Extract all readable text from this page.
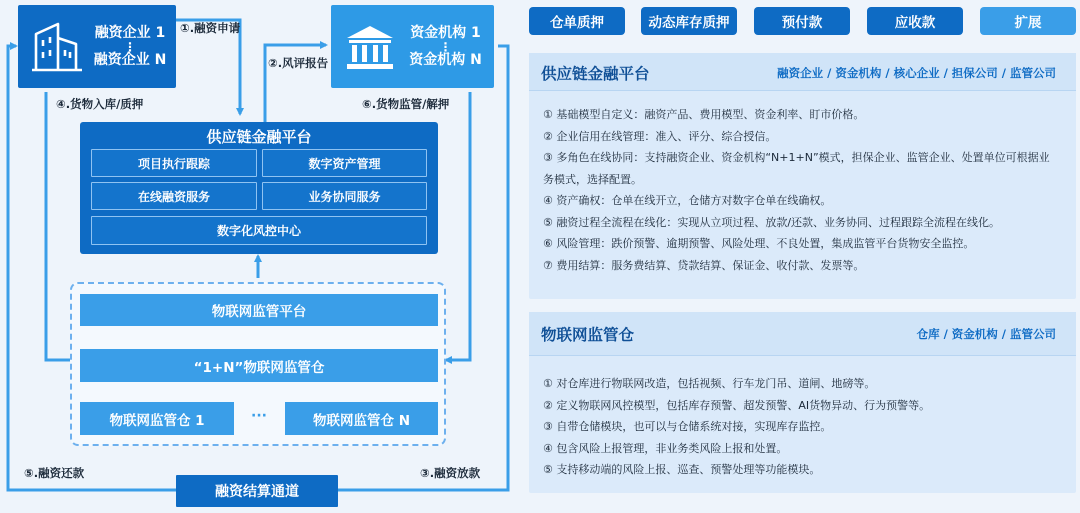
融资企业 1
⋮
融资企业 N
资金机构 1
⋮
资金机构 N
①.融资申请
②.风评报告
④.货物入库/质押	⑥.货物监管/解押
⑤.融资还款	③.融资放款
供应链金融平台
项目执行跟踪	数字资产管理
在线融资服务	业务协同服务
数字化风控中心
物联网监管平台
“1+N”物联网监管仓
物联网监管仓 1	···	物联网监管仓 N
融资结算通道
仓单质押	动态库存质押	预付款	应收款	扩展
供应链金融平台	融资企业 / 资金机构 / 核心企业 / 担保公司 / 监管公司
① 基础模型自定义：融资产品、费用模型、资金利率、盯市价格。
② 企业信用在线管理：准入、评分、综合授信。
③ 多角色在线协同：支持融资企业、资金机构“N+1+N”模式，担保企业、监管企业、处置单位可根据业务模式，选择配置。
④ 资产确权：仓单在线开立，仓储方对数字仓单在线确权。
⑤ 融资过程全流程在线化：实现从立项过程、放款/还款、业务协同、过程跟踪全流程在线化。
⑥ 风险管理：跌价预警、逾期预警、风险处理、不良处置，集成监管平台货物安全监控。
⑦ 费用结算：服务费结算、贷款结算、保证金、收付款、发票等。
物联网监管仓	仓库 / 资金机构 / 监管公司
① 对仓库进行物联网改造，包括视频、行车龙门吊、道闸、地磅等。
② 定义物联网风控模型，包括库存预警、超发预警、AI货物异动、行为预警等。
③ 自带仓储模块，也可以与仓储系统对接，实现库存监控。
④ 包含风险上报管理，非业务类风险上报和处置。
⑤ 支持移动端的风险上报、巡查、预警处理等功能模块。
